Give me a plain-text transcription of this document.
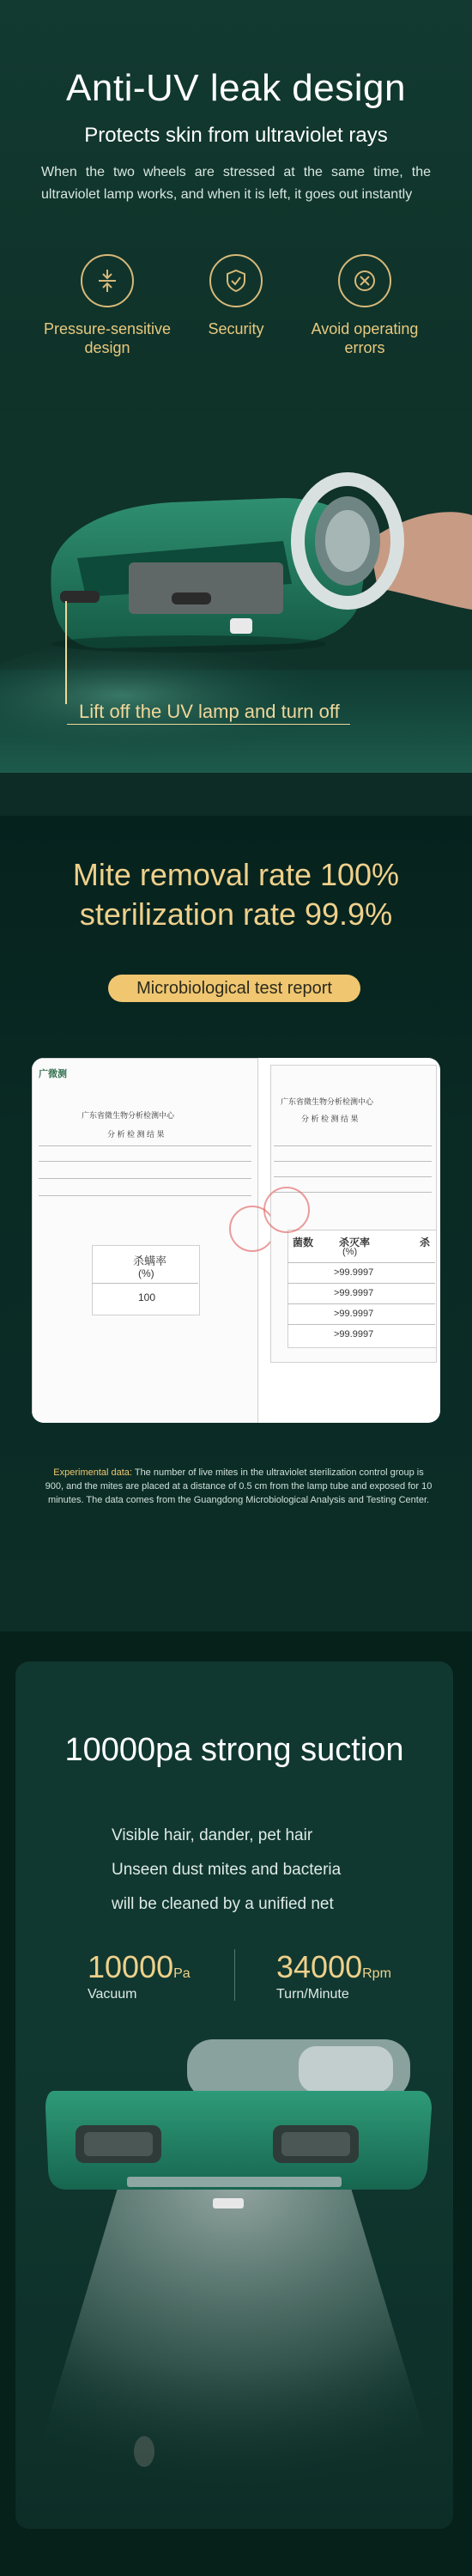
Anti-UV leak design
Protects skin from ultraviolet rays
When the two wheels are stressed at the same time, the ultraviolet lamp works, and when it is left, it goes out instantly
Pressure-sensitive design
Security	Avoid operating errors
Lift off the UV lamp and turn off
Mite removal rate 100%
sterilization rate 99.9%
Microbiological test report
广微测
广东省微生物分析检测中心
分 析 检 测 结 果
杀螨率
(%)
100
广东省微生物分析检测中心
分 析 检 测 结 果
菌数 杀灭率
(%)
杀
>99.9997
>99.9997
>99.9997
>99.9997
Experimental data: The number of live mites in the ultraviolet sterilization control group is 900, and the mites are placed at a distance of 0.5 cm from the lamp tube and exposed for 10 minutes. The data comes from the Guangdong Microbiological Analysis and Testing Center.
10000pa strong suction
Visible hair, dander, pet hair
Unseen dust mites and bacteria
will be cleaned by a unified net
10000Pa
Vacuum
34000Rpm
Turn/Minute
